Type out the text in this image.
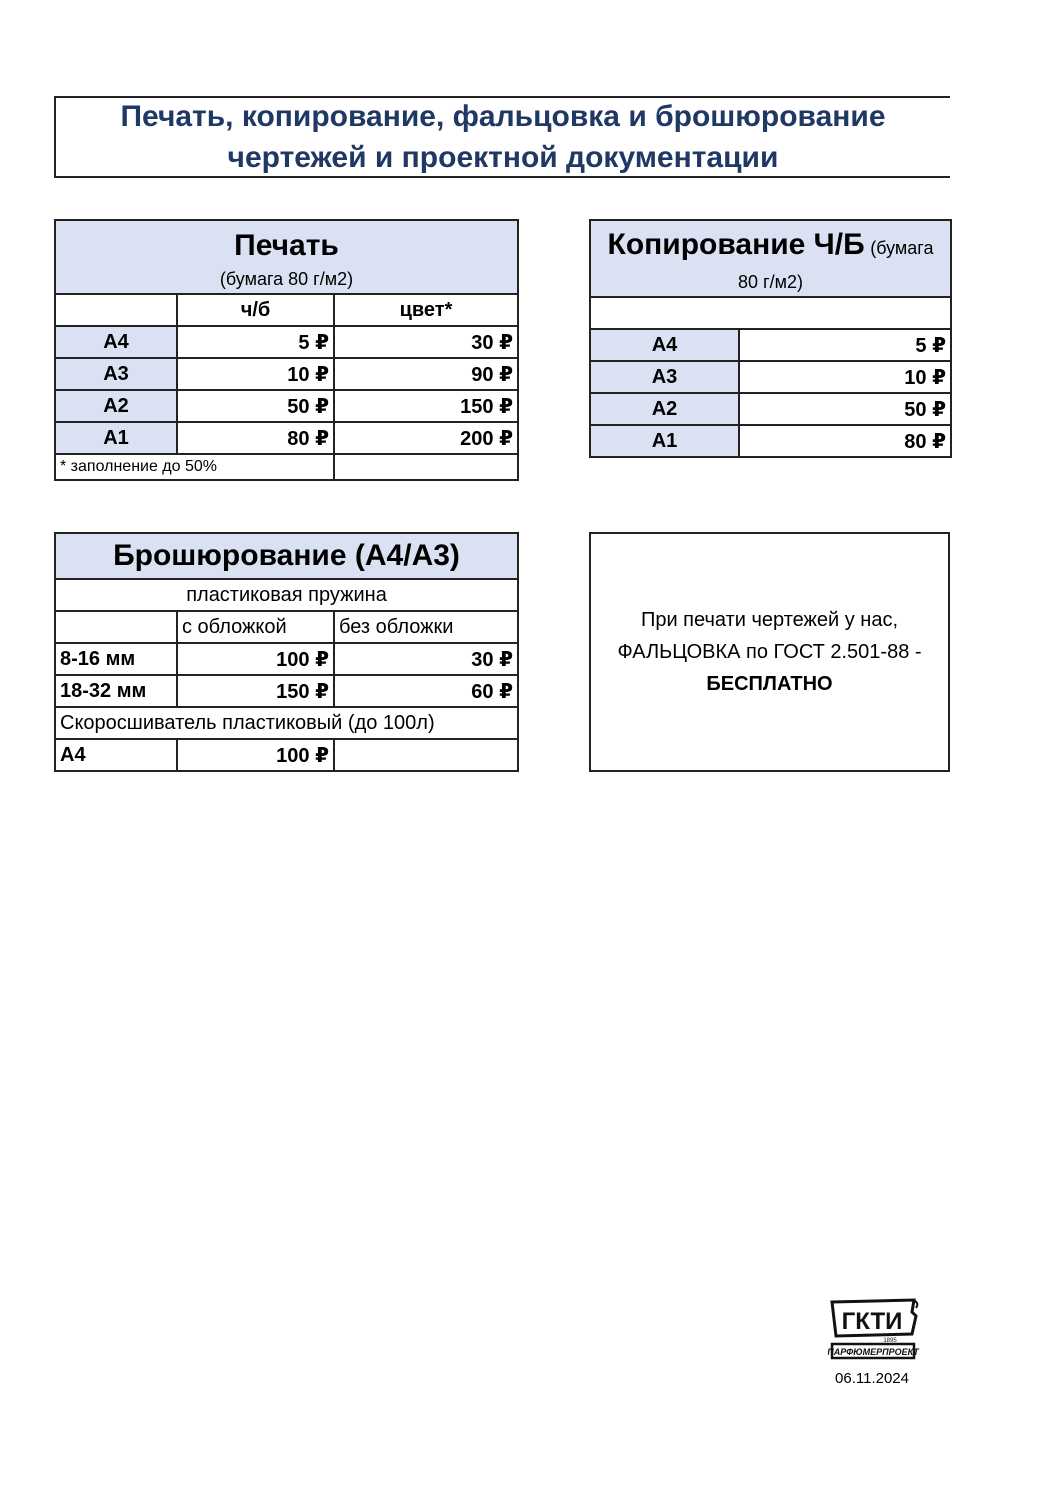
Печать, копирование, фальцовка и брошюрование
чертежей и проектной документации
Печать
(бумага 80 г/м2)		

	ч/б	цвет*
А4	5 ₽	30 ₽
А3	10 ₽	90 ₽
А2	50 ₽	150 ₽
А1	80 ₽	200 ₽
* заполнение до 50%		
Копирование Ч/Б (бумага
80 г/м2)	

А4	5 ₽
А3	10 ₽
А2	50 ₽
А1	80 ₽
Брошюрование (А4/А3)		
пластиковая пружина		
	с обложкой	без обложки
8-16 мм	100 ₽	30 ₽
18-32 мм	150 ₽	60 ₽
Скоросшиватель пластиковый (до 100л)		
А4	100 ₽	
При печати чертежей у нас,
ФАЛЬЦОВКА по ГОСТ 2.501-88 -
БЕСПЛАТНО
ГКТИ
1895
ПАРФЮМЕРПРОЕКТ
06.11.2024
